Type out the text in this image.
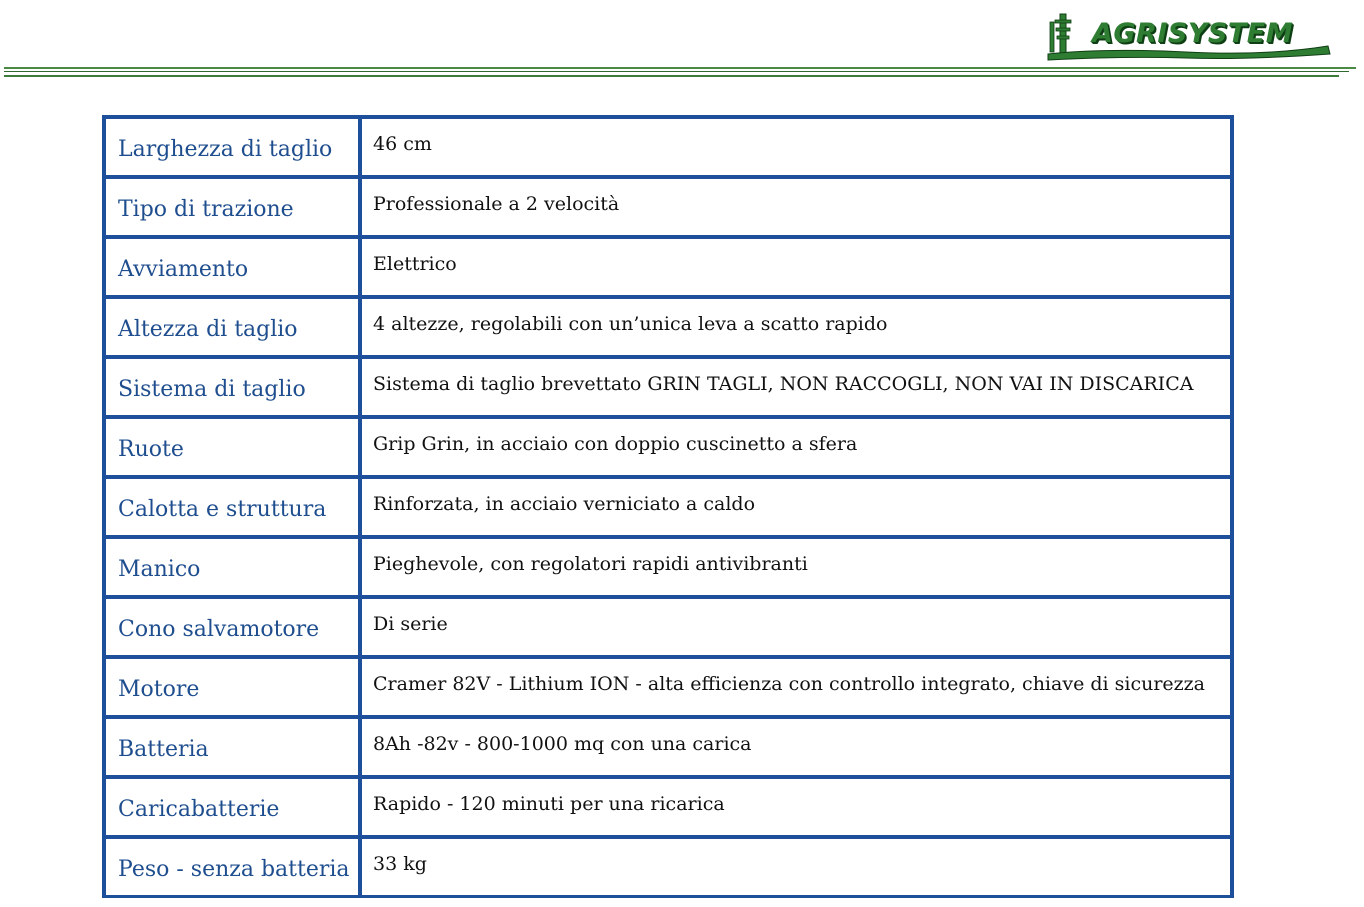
AGRISYSTEM
Larghezza di taglio	46 cm
Tipo di trazione	Professionale a 2 velocità
Avviamento	Elettrico
Altezza di taglio	4 altezze, regolabili con un’unica leva a scatto rapido
Sistema di taglio	Sistema di taglio brevettato GRIN TAGLI, NON RACCOGLI, NON VAI IN DISCARICA
Ruote	Grip Grin, in acciaio con doppio cuscinetto a sfera
Calotta e struttura	Rinforzata, in acciaio verniciato a caldo
Manico	Pieghevole, con regolatori rapidi antivibranti
Cono salvamotore	Di serie
Motore	Cramer 82V - Lithium ION - alta efficienza con controllo integrato, chiave di sicurezza
Batteria	8Ah -82v - 800-1000 mq con una carica
Caricabatterie	Rapido - 120 minuti per una ricarica
Peso - senza batteria	33 kg
